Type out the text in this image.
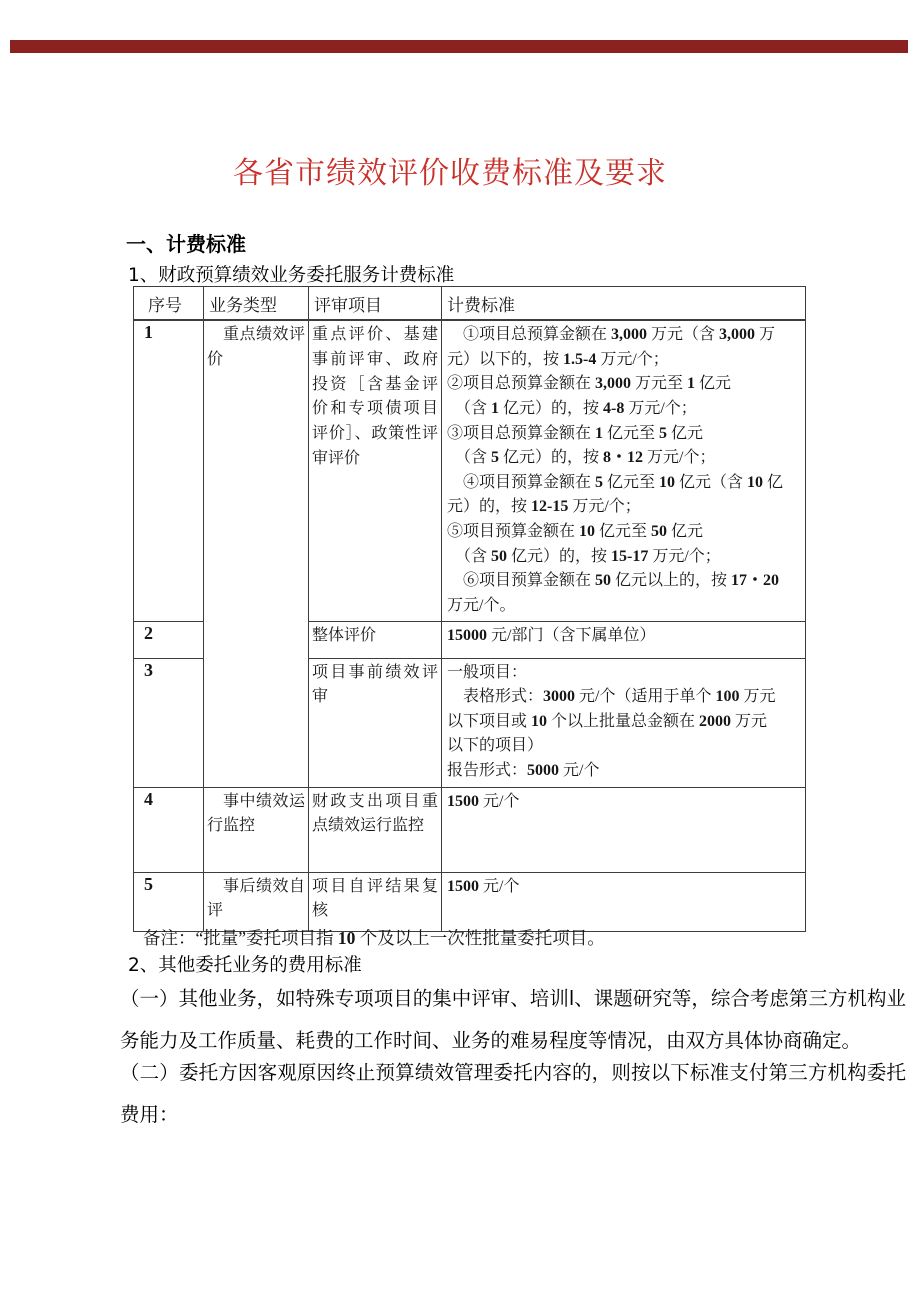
各省市绩效评价收费标准及要求
一、计费标准
1、财政预算绩效业务委托服务计费标准
序号	业务类型	评审项目	计费标准
1	重点绩效评价	重点评价、基建事前评审、政府投资［含基金评价和专项债项目评价］、政策性评审评价	　①项目总预算金额在 3,000 万元（含 3,000 万
元）以下的，按 1.5-4 万元/个；
②项目总预算金额在 3,000 万元至 1 亿元
　（含 1 亿元）的，按 4-8 万元/个；
③项目总预算金额在 1 亿元至 5 亿元
　（含 5 亿元）的，按 8・12 万元/个；
　④项目预算金额在 5 亿元至 10 亿元（含 10 亿
元）的，按 12-15 万元/个；
⑤项目预算金额在 10 亿元至 50 亿元
　（含 50 亿元）的，按 15-17 万元/个；
　⑥项目预算金额在 50 亿元以上的，按 17・20
万元/个。
2		整体评价	15000 元/部门（含下属单位）
3		项目事前绩效评审	一般项目：
　表格形式：3000 元/个（适用于单个 100 万元
以下项目或 10 个以上批量总金额在 2000 万元
以下的项目）
报告形式：5000 元/个
4	事中绩效运行监控	财政支出项目重点绩效运行监控	1500 元/个
5	事后绩效自评	项目自评结果复核	1500 元/个
备注：“批量”委托项目指 10 个及以上一次性批量委托项目。
2、其他委托业务的费用标准
（一）其他业务，如特殊专项项目的集中评审、培训l、课题研究等，综合考虑第三方机构业务能力及工作质量、耗费的工作时间、业务的难易程度等情况，由双方具体协商确定。
（二）委托方因客观原因终止预算绩效管理委托内容的，则按以下标准支付第三方机构委托费用：
